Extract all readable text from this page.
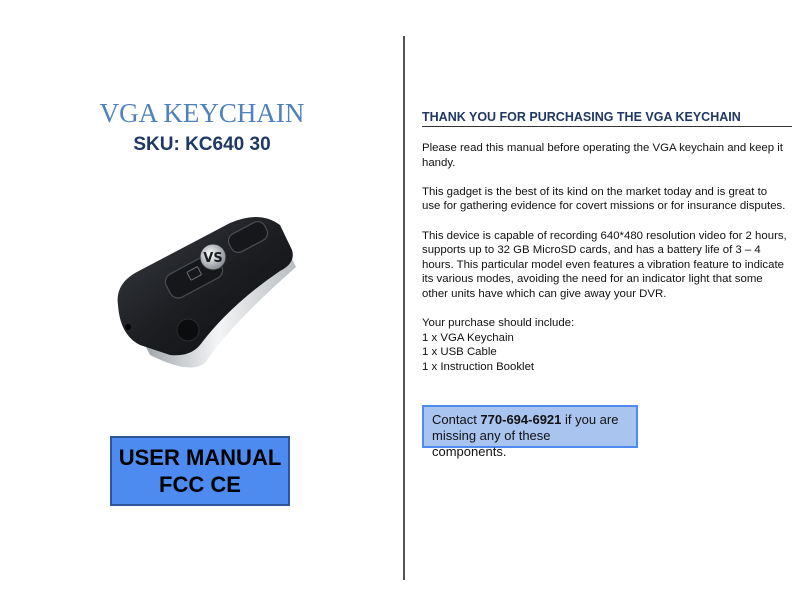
VGA KEYCHAIN
SKU: KC640 30
VS
USER MANUAL
FCC CE
THANK YOU FOR PURCHASING THE VGA KEYCHAIN

Please read this manual before operating the VGA keychain and keep it handy.

This gadget is the best of its kind on the market today and is great to use for gathering evidence for covert missions or for insurance disputes.

This device is capable of recording 640*480 resolution video for 2 hours, supports up to 32 GB MicroSD cards, and has a battery life of 3 – 4 hours. This particular model even features a vibration feature to indicate its various modes, avoiding the need for an indicator light that some other units have which can give away your DVR.

Your purchase should include:
1 x VGA Keychain
1 x USB Cable
1 x Instruction Booklet
Contact 770-694-6921 if you are missing any of these components.
